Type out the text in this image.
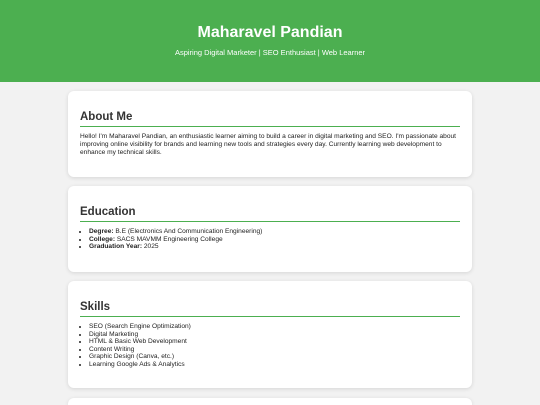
Maharavel Pandian

Aspiring Digital Marketer | SEO Enthusiast | Web Learner

About Me
Hello! I'm Maharavel Pandian, an enthusiastic learner aiming to build a career in digital marketing and SEO. I'm passionate about improving online visibility for brands and learning new tools and strategies every day. Currently learning web development to enhance my technical skills.
Education
• Degree: B.E (Electronics And Communication Engineering)
• College: SACS MAVMM Engineering College
• Graduation Year: 2025
Skills
• SEO (Search Engine Optimization)
• Digital Marketing
• HTML & Basic Web Development
• Content Writing
• Graphic Design (Canva, etc.)
• Learning Google Ads & Analytics
